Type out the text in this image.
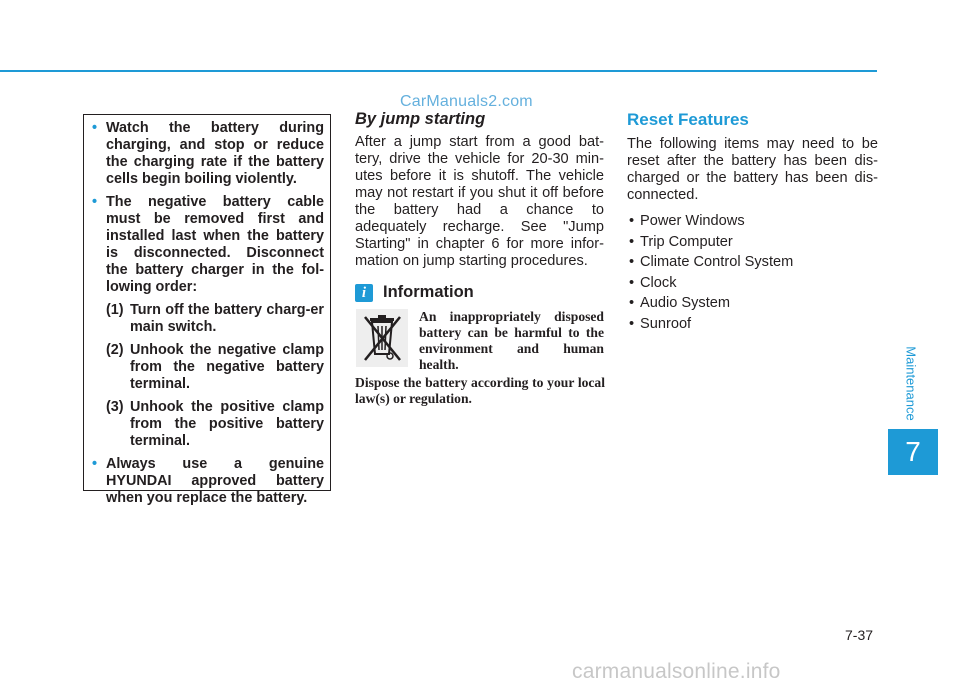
CarManuals2.com
• Watch the battery during charging, and stop or reduce the charging rate if the battery cells begin boiling violently.
• The negative battery cable must be removed first and installed last when the battery is disconnected. Disconnect the battery charger in the fol-lowing order:
(1) Turn off the battery charg-er main switch.
(2) Unhook the negative clamp from the negative battery terminal.
(3) Unhook the positive clamp from the positive battery terminal.
• Always use a genuine HYUNDAI approved battery when you replace the battery.
By jump starting

After a jump start from a good bat-tery, drive the vehicle for 20-30 min-utes before it is shutoff. The vehicle may not restart if you shut it off before the battery had a chance to adequately recharge. See "Jump Starting" in chapter 6 for more infor-mation on jump starting procedures.

i	Information
An inappropriately disposed battery can be harmful to the environment and human health.
Dispose the battery according to your local law(s) or regulation.
Reset Features

The following items may need to be reset after the battery has been dis-charged or the battery has been dis-connected.

• Power Windows
• Trip Computer
• Climate Control System
• Clock
• Audio System
• Sunroof
Maintenance
7
7-37
carmanualsonline.info
